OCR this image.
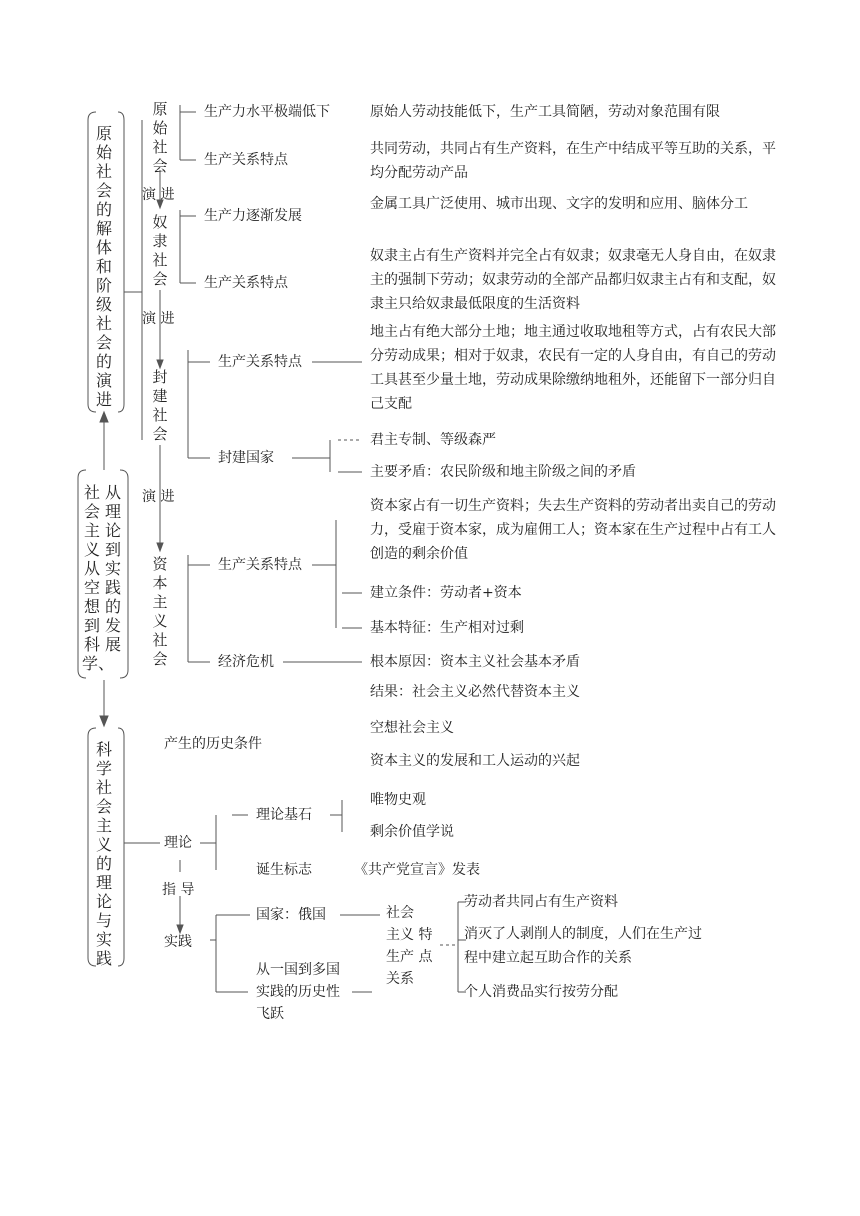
原始社会的解体和阶级社会的演进
从理论到实践的发展
社会主义从空想到科学、
科学社会主义的理论与实践
原始社会
演 进
奴隶社会
演 进
封建社会
演 进
资本主义社会
生产力水平极端低下	原始人劳动技能低下，生产工具简陋，劳动对象范围有限
生产关系特点
共同劳动，共同占有生产资料，在生产中结成平等互助的关系，平均分配劳动产品
生产力逐渐发展
金属工具广泛使用、城市出现、文字的发明和应用、脑体分工
生产关系特点
奴隶主占有生产资料并完全占有奴隶；奴隶毫无人身自由，在奴隶主的强制下劳动；奴隶劳动的全部产品都归奴隶主占有和支配，奴隶主只给奴隶最低限度的生活资料
生产关系特点
地主占有绝大部分土地；地主通过收取地租等方式，占有农民大部分劳动成果；相对于奴隶，农民有一定的人身自由，有自己的劳动工具甚至少量土地，劳动成果除缴纳地租外，还能留下一部分归自己支配
封建国家
君主专制、等级森严
主要矛盾：农民阶级和地主阶级之间的矛盾
资本家占有一切生产资料；失去生产资料的劳动者出卖自己的劳动力，受雇于资本家，成为雇佣工人；资本家在生产过程中占有工人创造的剩余价值
生产关系特点
建立条件：劳动者+资本
基本特征：生产相对过剩
经济危机	根本原因：资本主义社会基本矛盾
结果：社会主义必然代替资本主义
产生的历史条件
空想社会主义
资本主义的发展和工人运动的兴起
理论
理论基石
唯物史观
剩余价值学说
诞生标志	《共产党宣言》发表
指 导
实践
国家：俄国	社会
主义 特
生产 点
关系
劳动者共同占有生产资料
消灭了人剥削人的制度，人们在生产过程中建立起互助合作的关系
个人消费品实行按劳分配
从一国到多国
实践的历史性
飞跃
